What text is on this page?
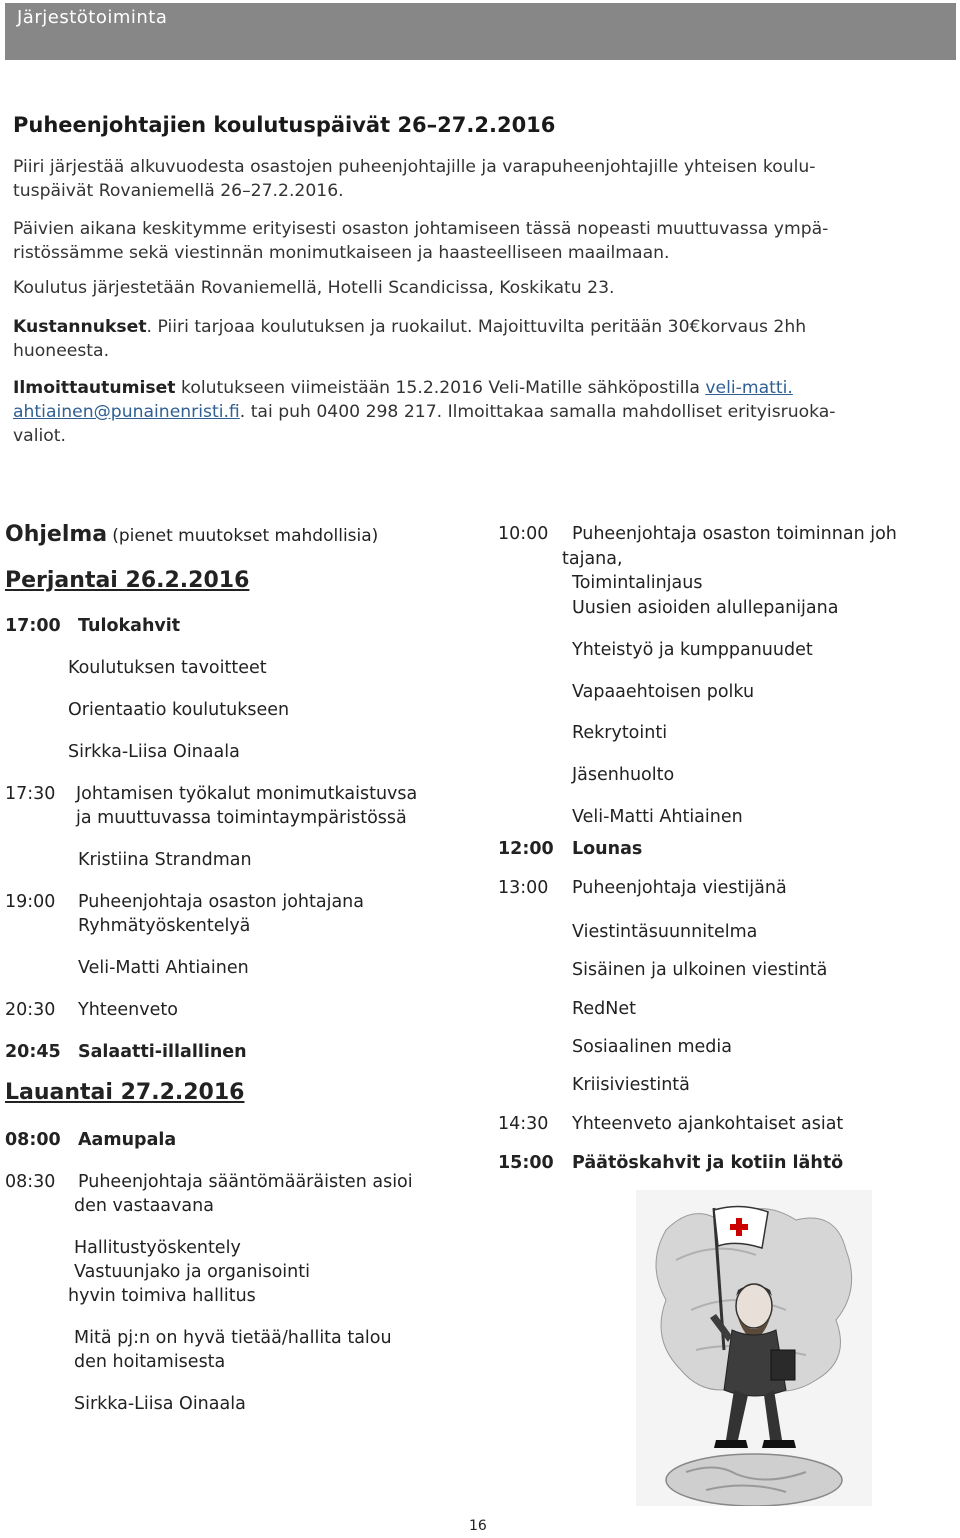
Järjestötoiminta
Puheenjohtajien koulutuspäivät 26–27.2.2016
Piiri järjestää alkuvuodesta osastojen puheenjohtajille ja varapuheenjohtajille yhteisen koulu-
tuspäivät Rovaniemellä 26–27.2.2016.
Päivien aikana keskitymme erityisesti osaston johtamiseen tässä nopeasti muuttuvassa ympä-
ristössämme sekä viestinnän monimutkaiseen ja haasteelliseen maailmaan.
Koulutus järjestetään Rovaniemellä, Hotelli Scandicissa, Koskikatu 23.
Kustannukset. Piiri tarjoaa koulutuksen ja ruokailut. Majoittuvilta peritään 30€korvaus 2hh
huoneesta.
Ilmoittautumiset kolutukseen viimeistään 15.2.2016 Veli-Matille sähköpostilla veli-matti.
ahtiainen@punainenristi.fi. tai puh 0400 298 217. Ilmoittakaa samalla mahdolliset erityisruoka-
valiot.
Ohjelma (pienet muutokset mahdollisia)
Perjantai 26.2.2016
Lauantai 27.2.2016
17:00 Tulokahvit
Koulutuksen tavoitteet
Orientaatio koulutukseen
Sirkka-Liisa Oinaala
17:30 Johtamisen työkalut monimutkaistuvsa
ja muuttuvassa toimintaympäristössä
Kristiina Strandman
19:00 Puheenjohtaja osaston johtajana
Ryhmätyöskentelyä
Veli-Matti Ahtiainen
20:30 Yhteenveto
20:45 Salaatti-illallinen
08:00 Aamupala
08:30 Puheenjohtaja sääntömääräisten asioi
den vastaavana
Hallitustyöskentely
Vastuunjako ja organisointi
hyvin toimiva hallitus
Mitä pj:n on hyvä tietää/hallita talou
den hoitamisesta
Sirkka-Liisa Oinaala
10:00 Puheenjohtaja osaston toiminnan joh
tajana,
Toimintalinjaus
Uusien asioiden alullepanijana
Yhteistyö ja kumppanuudet
Vapaaehtoisen polku
Rekrytointi
Jäsenhuolto
Veli-Matti Ahtiainen
12:00 Lounas
13:00 Puheenjohtaja viestijänä
Viestintäsuunnitelma
Sisäinen ja ulkoinen viestintä
RedNet
Sosiaalinen media
Kriisiviestintä
14:30 Yhteenveto ajankohtaiset asiat
15:00 Päätöskahvit ja kotiin lähtö
16
